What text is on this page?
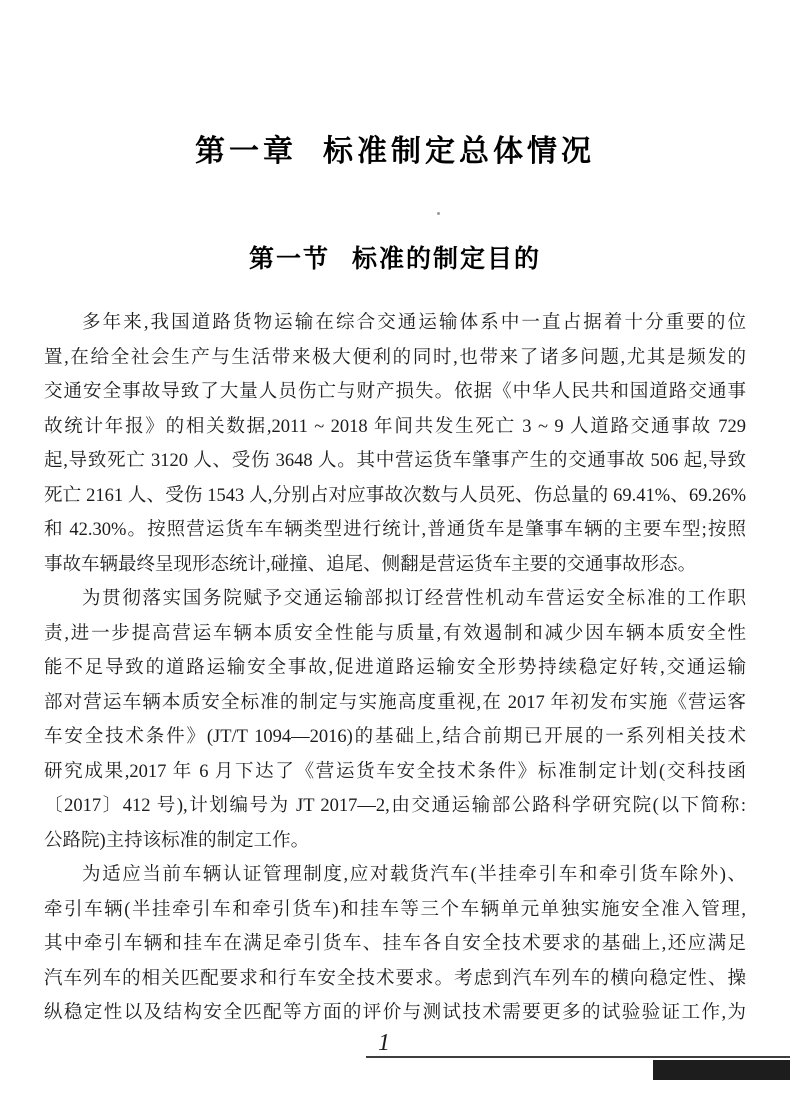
第一章 标准制定总体情况
第一节 标准的制定目的
多年来,我国道路货物运输在综合交通运输体系中一直占据着十分重要的位
置,在给全社会生产与生活带来极大便利的同时,也带来了诸多问题,尤其是频发的
交通安全事故导致了大量人员伤亡与财产损失。依据《中华人民共和国道路交通事
故统计年报》的相关数据,2011 ~ 2018 年间共发生死亡 3 ~ 9 人道路交通事故 729
起,导致死亡 3120 人、受伤 3648 人。其中营运货车肇事产生的交通事故 506 起,导致
死亡 2161 人、受伤 1543 人,分别占对应事故次数与人员死、伤总量的 69.41%、69.26%
和 42.30%。按照营运货车车辆类型进行统计,普通货车是肇事车辆的主要车型;按照
事故车辆最终呈现形态统计,碰撞、追尾、侧翻是营运货车主要的交通事故形态。
为贯彻落实国务院赋予交通运输部拟订经营性机动车营运安全标准的工作职
责,进一步提高营运车辆本质安全性能与质量,有效遏制和减少因车辆本质安全性
能不足导致的道路运输安全事故,促进道路运输安全形势持续稳定好转,交通运输
部对营运车辆本质安全标准的制定与实施高度重视,在 2017 年初发布实施《营运客
车安全技术条件》(JT/T 1094—2016)的基础上,结合前期已开展的一系列相关技术
研究成果,2017 年 6 月下达了《营运货车安全技术条件》标准制定计划(交科技函
〔2017〕412 号),计划编号为 JT 2017—2,由交通运输部公路科学研究院(以下简称:
公路院)主持该标准的制定工作。
为适应当前车辆认证管理制度,应对载货汽车(半挂牵引车和牵引货车除外)、
牵引车辆(半挂牵引车和牵引货车)和挂车等三个车辆单元单独实施安全准入管理,
其中牵引车辆和挂车在满足牵引货车、挂车各自安全技术要求的基础上,还应满足
汽车列车的相关匹配要求和行车安全技术要求。考虑到汽车列车的横向稳定性、操
纵稳定性以及结构安全匹配等方面的评价与测试技术需要更多的试验验证工作,为
1
